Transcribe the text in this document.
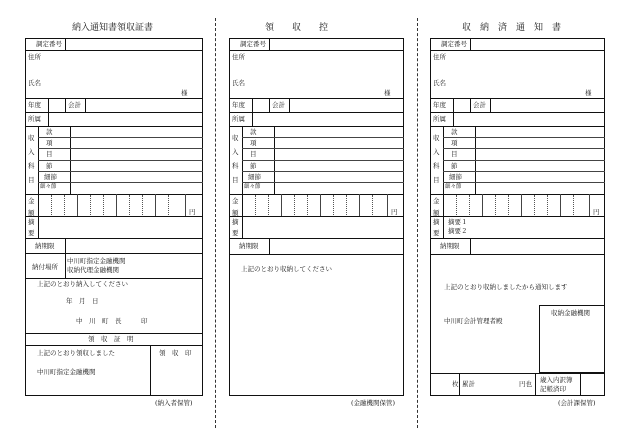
納入通知書領収証書
調定番号
住所
氏名
様
年度	会計
所属
収
入
科
目
款
項
目
節
細節
細々節
金
額	円
摘
要
納期限
納付場所
中川町指定金融機関
収納代理金融機関
上記のとおり納入してください
年　月　日
中　川　町　長　　　印
領　収　証　明
上記のとおり領収しました
中川町指定金融機関
領　収　印
(納入者保管)
領　　収　　控
調定番号
住所
氏名
様
年度	会計
所属
収
入
科
目
款
項
目
節
細節
細々節
金
額	円
摘
要
納期限
上記のとおり収納してください
(金融機関保管)
収　納　済　通　知　書
調定番号
住所
氏名
様
年度	会計
所属
収
入
科
目
款
項
目
節
細節
細々節
金
額	円
摘
要
摘要１
摘要２
納期限
上記のとおり収納しましたから通知します
中川町会計管理者殿
収納金融機関
枚 累計	円也 歳入内訳簿
記帳済印
(会計課保管)
